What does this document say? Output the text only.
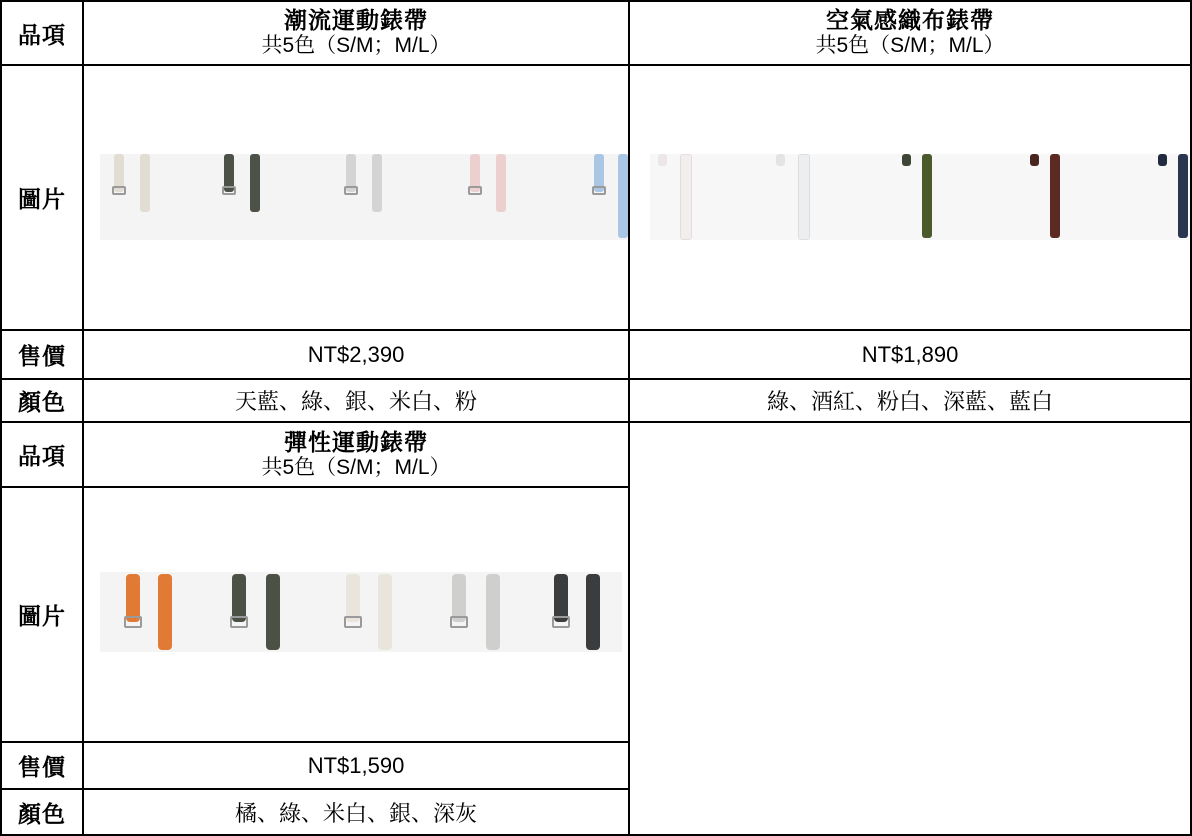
品項
圖片
售價
顏色
品項
圖片
售價
顏色
潮流運動錶帶
共5色（S/M；M/L）
NT$2,390
天藍、綠、銀、米白、粉
空氣感織布錶帶
共5色（S/M；M/L）
NT$1,890
綠、酒紅、粉白、深藍、藍白
彈性運動錶帶
共5色（S/M；M/L）
NT$1,590
橘、綠、米白、銀、深灰
